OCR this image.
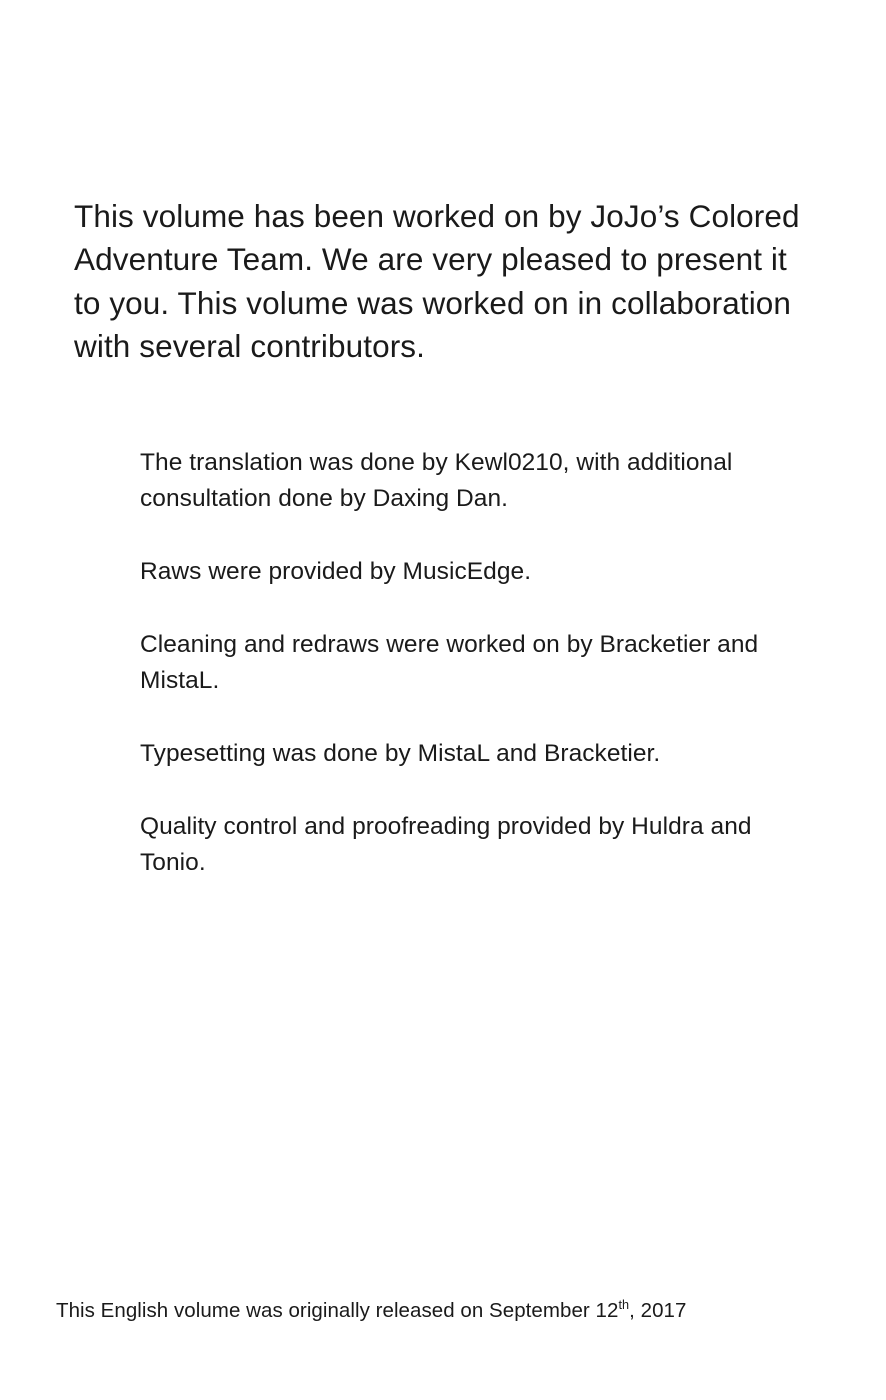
This volume has been worked on by JoJo’s Colored Adventure Team. We are very pleased to present it to you. This volume was worked on in collaboration with several contributors.

The translation was done by Kewl0210, with additional consultation done by Daxing Dan.

Raws were provided by MusicEdge.

Cleaning and redraws were worked on by Bracketier and MistaL.

Typesetting was done by MistaL and Bracketier.

Quality control and proofreading provided by Huldra and Tonio.

This English volume was originally released on September 12th, 2017
